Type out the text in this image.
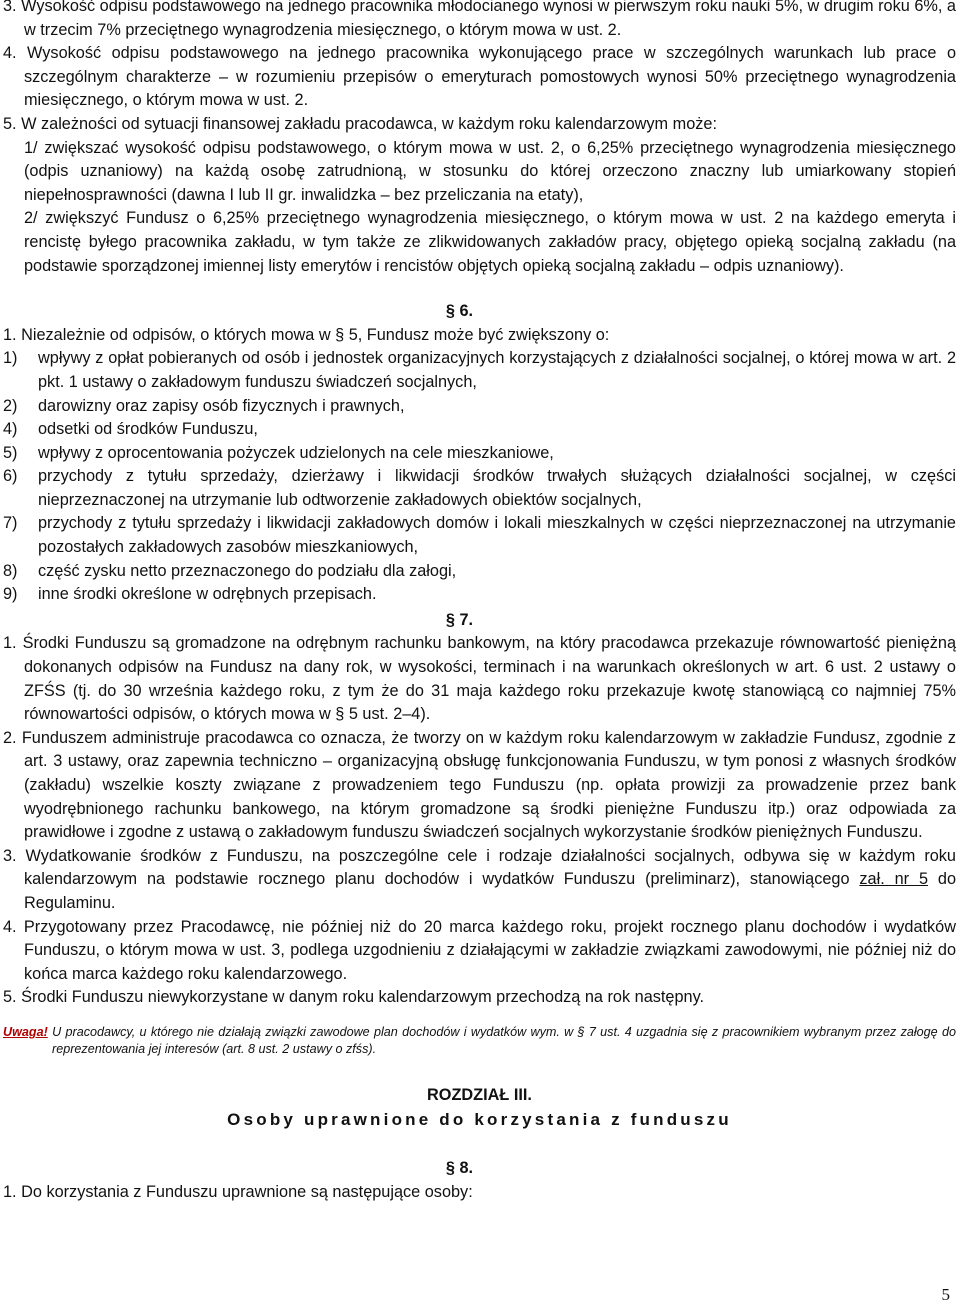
3. Wysokość odpisu podstawowego na jednego pracownika młodocianego wynosi w pierwszym roku nauki 5%, w drugim roku 6%, a w trzecim 7% przeciętnego wynagrodzenia miesięcznego, o którym mowa w ust. 2.

4. Wysokość odpisu podstawowego na jednego pracownika wykonującego prace w szczególnych warunkach lub prace o szczególnym charakterze – w rozumieniu przepisów o emeryturach pomostowych wynosi 50% przeciętnego wynagrodzenia miesięcznego, o którym mowa w ust. 2.

5. W zależności od sytuacji finansowej zakładu pracodawca, w każdym roku kalendarzowym może:

1/ zwiększać wysokość odpisu podstawowego, o którym mowa w ust. 2, o 6,25% przeciętnego wynagrodzenia miesięcznego (odpis uznaniowy) na każdą osobę zatrudnioną, w stosunku do której orzeczono znaczny lub umiarkowany stopień niepełnosprawności (dawna I lub II gr. inwalidzka – bez przeliczania na etaty),

2/ zwiększyć Fundusz o 6,25% przeciętnego wynagrodzenia miesięcznego, o którym mowa w ust. 2 na każdego emeryta i rencistę byłego pracownika zakładu, w tym także ze zlikwidowanych zakładów pracy, objętego opieką socjalną zakładu (na podstawie sporządzonej imiennej listy emerytów i rencistów objętych opieką socjalną zakładu – odpis uznaniowy).

§ 6.

1. Niezależnie od odpisów, o których mowa w § 5, Fundusz może być zwiększony o:

1)	wpływy z opłat pobieranych od osób i jednostek organizacyjnych korzystających z działalności socjalnej, o której mowa w art. 2 pkt. 1 ustawy o zakładowym funduszu świadczeń socjalnych,
2)	darowizny oraz zapisy osób fizycznych i prawnych,
4)	odsetki od środków Funduszu,
5)	wpływy z oprocentowania pożyczek udzielonych na cele mieszkaniowe,
6)	przychody z tytułu sprzedaży, dzierżawy i likwidacji środków trwałych służących działalności socjalnej, w części nieprzeznaczonej na utrzymanie lub odtworzenie zakładowych obiektów socjalnych,
7)	przychody z tytułu sprzedaży i likwidacji zakładowych domów i lokali mieszkalnych w części nieprzeznaczonej na utrzymanie pozostałych zakładowych zasobów mieszkaniowych,
8)	część zysku netto przeznaczonego do podziału dla załogi,
9)	inne środki określone w odrębnych przepisach.

§ 7.

1. Środki Funduszu są gromadzone na odrębnym rachunku bankowym, na który pracodawca przekazuje równowartość pieniężną dokonanych odpisów na Fundusz na dany rok, w wysokości, terminach i na warunkach określonych w art. 6 ust. 2 ustawy o ZFŚS (tj. do 30 września każdego roku, z tym że do 31 maja każdego roku przekazuje kwotę stanowiącą co najmniej 75% równowartości odpisów, o których mowa w § 5 ust. 2–4).

2. Funduszem administruje pracodawca co oznacza, że tworzy on w każdym roku kalendarzowym w zakładzie Fundusz, zgodnie z art. 3 ustawy, oraz zapewnia techniczno – organizacyjną obsługę funkcjonowania Funduszu, w tym ponosi z własnych środków (zakładu) wszelkie koszty związane z prowadzeniem tego Funduszu (np. opłata prowizji za prowadzenie przez bank wyodrębnionego rachunku bankowego, na którym gromadzone są środki pieniężne Funduszu itp.) oraz odpowiada za prawidłowe i zgodne z ustawą o zakładowym funduszu świadczeń socjalnych wykorzystanie środków pieniężnych Funduszu.

3. Wydatkowanie środków z Funduszu, na poszczególne cele i rodzaje działalności socjalnych, odbywa się w każdym roku kalendarzowym na podstawie rocznego planu dochodów i wydatków Funduszu (preliminarz), stanowiącego zał. nr 5 do Regulaminu.

4. Przygotowany przez Pracodawcę, nie później niż do 20 marca każdego roku, projekt rocznego planu dochodów i wydatków Funduszu, o którym mowa w ust. 3, podlega uzgodnieniu z działającymi w zakładzie związkami zawodowymi, nie później niż do końca marca każdego roku kalendarzowego.

5. Środki Funduszu niewykorzystane w danym roku kalendarzowym przechodzą na rok następny.

Uwaga! U pracodawcy, u którego nie działają związki zawodowe plan dochodów i wydatków wym. w § 7 ust. 4 uzgadnia się z pracownikiem wybranym przez załogę do reprezentowania jej interesów (art. 8 ust. 2 ustawy o zfśs).

ROZDZIAŁ III.

Osoby uprawnione do korzystania z funduszu

§ 8.

1. Do korzystania z Funduszu uprawnione są następujące osoby:

5
